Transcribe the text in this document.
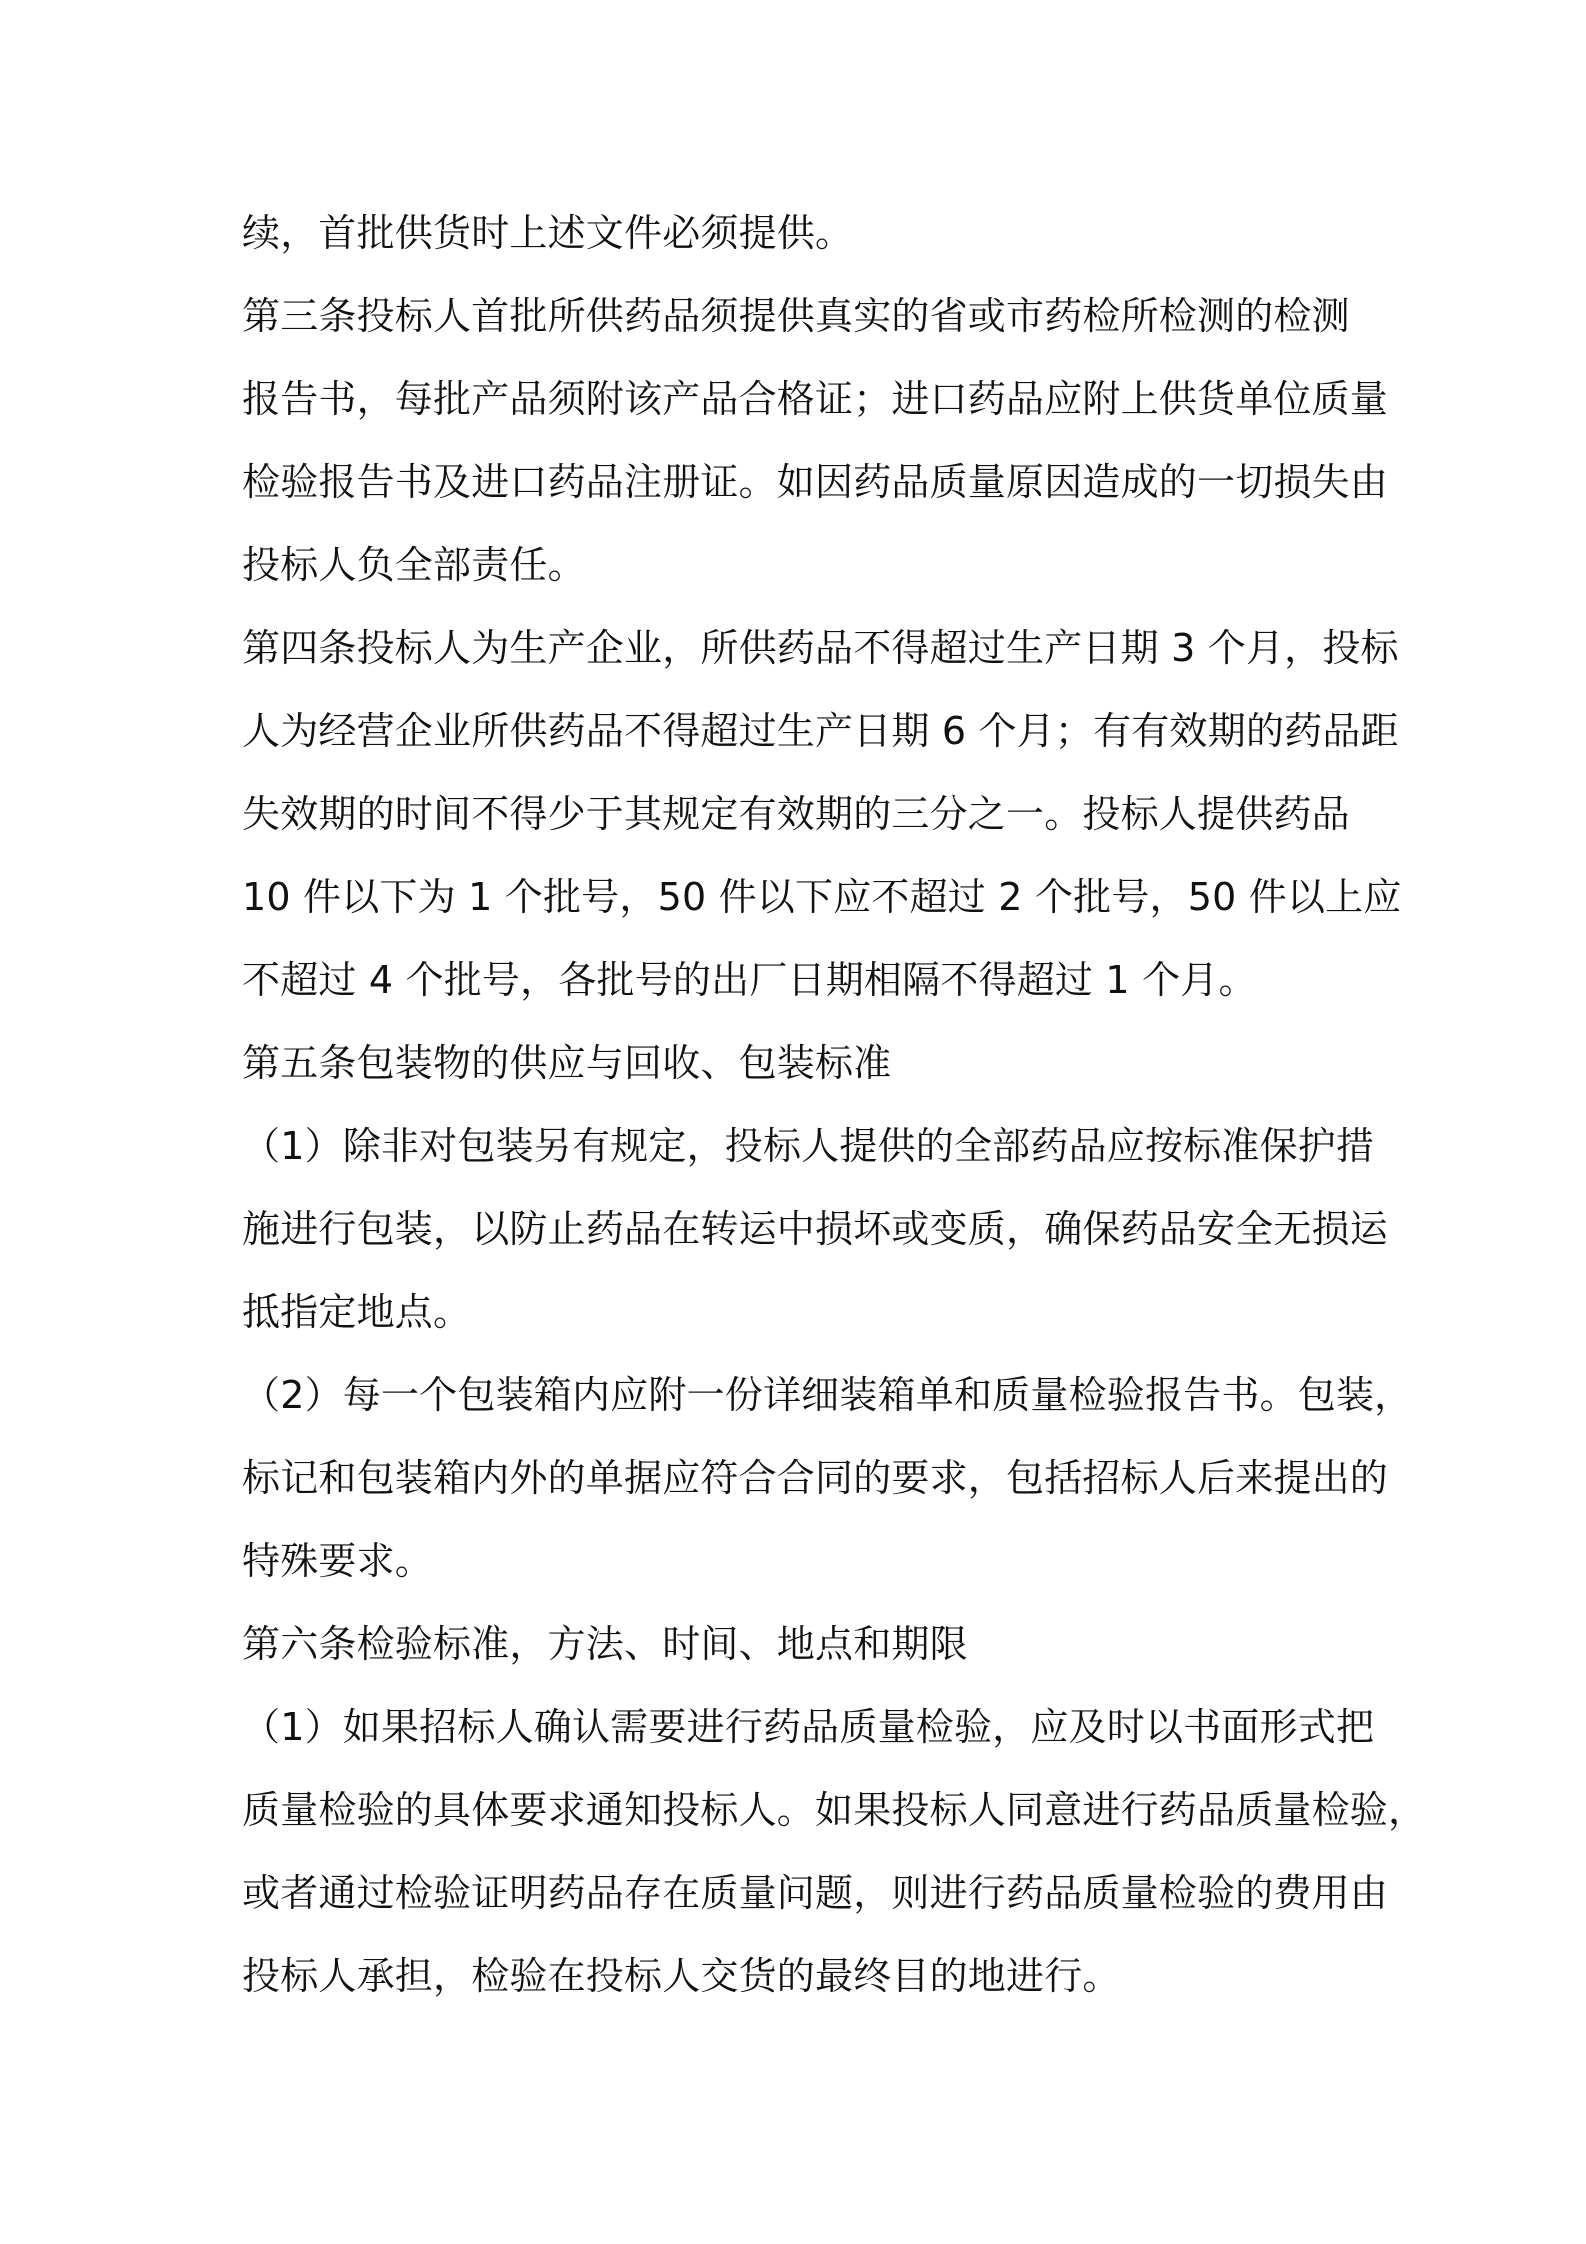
续，首批供货时上述文件必须提供。
第三条投标人首批所供药品须提供真实的省或市药检所检测的检测
报告书，每批产品须附该产品合格证；进口药品应附上供货单位质量
检验报告书及进口药品注册证。如因药品质量原因造成的一切损失由
投标人负全部责任。
第四条投标人为生产企业，所供药品不得超过生产日期 3 个月，投标
人为经营企业所供药品不得超过生产日期 6 个月；有有效期的药品距
失效期的时间不得少于其规定有效期的三分之一。投标人提供药品
10 件以下为 1 个批号，50 件以下应不超过 2 个批号，50 件以上应
不超过 4 个批号，各批号的出厂日期相隔不得超过 1 个月。
第五条包装物的供应与回收、包装标准
（1）除非对包装另有规定，投标人提供的全部药品应按标准保护措
施进行包装，以防止药品在转运中损坏或变质，确保药品安全无损运
抵指定地点。
（2）每一个包装箱内应附一份详细装箱单和质量检验报告书。包装，
标记和包装箱内外的单据应符合合同的要求，包括招标人后来提出的
特殊要求。
第六条检验标准，方法、时间、地点和期限
（1）如果招标人确认需要进行药品质量检验，应及时以书面形式把
质量检验的具体要求通知投标人。如果投标人同意进行药品质量检验，
或者通过检验证明药品存在质量问题，则进行药品质量检验的费用由
投标人承担，检验在投标人交货的最终目的地进行。
